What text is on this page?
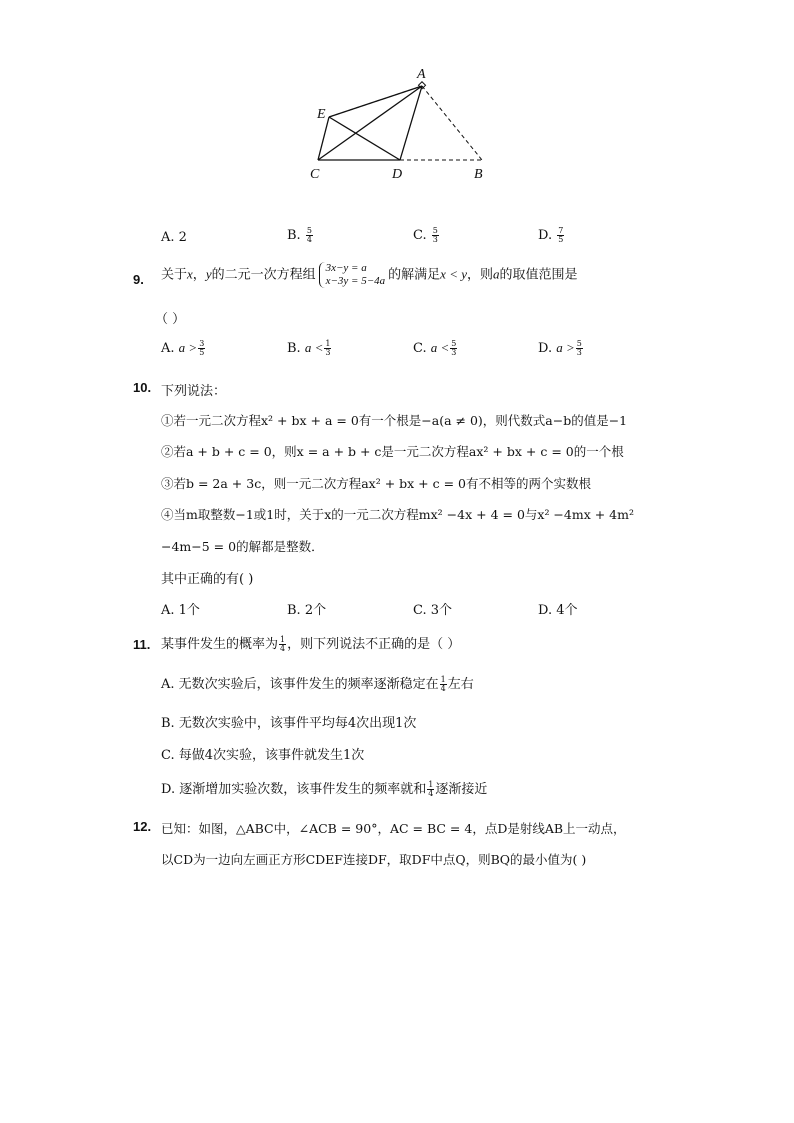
A
E
C	D	B
A. 2	B. $\frac{5}{4}$	C. $\frac{5}{3}$	D. $\frac{7}{5}$
9. 关于x，y的二元一次方程组 3x−y = a
x−3y = 5−4a 的解满足x < y，则a的取值范围是
（ ）
A. $a > \frac{3}{5}$	B. $a < \frac{1}{3}$	C. $a < \frac{5}{3}$	D. $a > \frac{5}{3}$
10. 下列说法：
①若一元二次方程x² + bx + a = 0有一个根是−a(a ≠ 0)，则代数式a−b的值是−1
②若a + b + c = 0，则x = a + b + c是一元二次方程ax² + bx + c = 0的一个根
③若b = 2a + 3c，则一元二次方程ax² + bx + c = 0有不相等的两个实数根
④当m取整数−1或1时，关于x的一元二次方程mx² −4x + 4 = 0与x² −4mx + 4m²
−4m−5 = 0的解都是整数．
其中正确的有( )
A. 1个	B. 2个	C. 3个	D. 4个
11. 某事件发生的概率为 $\frac{1}{4}$ ，则下列说法不正确的是（ ）
A. 无数次实验后，该事件发生的频率逐渐稳定在 $\frac{1}{4}$ 左右
B. 无数次实验中，该事件平均每4次出现1次
C. 每做4次实验，该事件就发生1次
D. 逐渐增加实验次数，该事件发生的频率就和 $\frac{1}{4}$ 逐渐接近
12. 已知：如图，△ABC中，∠ACB = 90°，AC = BC = 4，点D是射线AB上一动点，
以CD为一边向左画正方形CDEF连接DF，取DF中点Q，则BQ的最小值为( )
